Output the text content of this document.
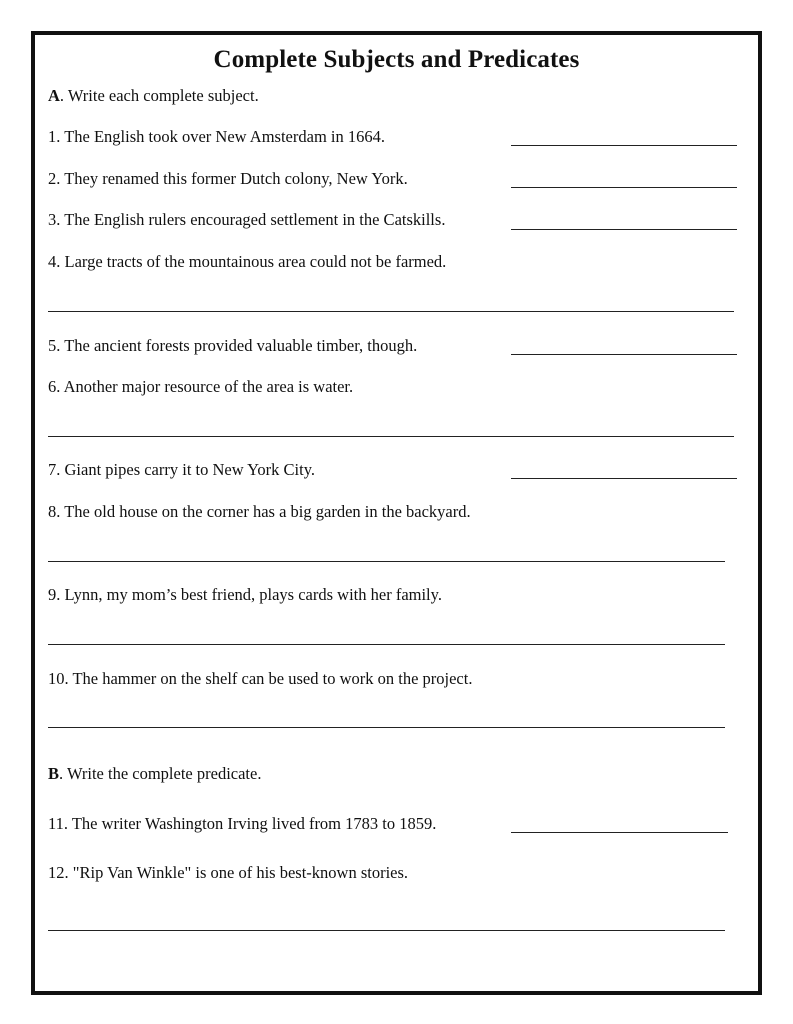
Complete Subjects and Predicates
A. Write each complete subject.
1. The English took over New Amsterdam in 1664.
2. They renamed this former Dutch colony, New York.
3. The English rulers encouraged settlement in the Catskills.
4. Large tracts of the mountainous area could not be farmed.
5. The ancient forests provided valuable timber, though.
6. Another major resource of the area is water.
7. Giant pipes carry it to New York City.
8. The old house on the corner has a big garden in the backyard.
9. Lynn, my mom’s best friend, plays cards with her family.
10. The hammer on the shelf can be used to work on the project.
B. Write the complete predicate.
11. The writer Washington Irving lived from 1783 to 1859.
12. "Rip Van Winkle" is one of his best-known stories.
